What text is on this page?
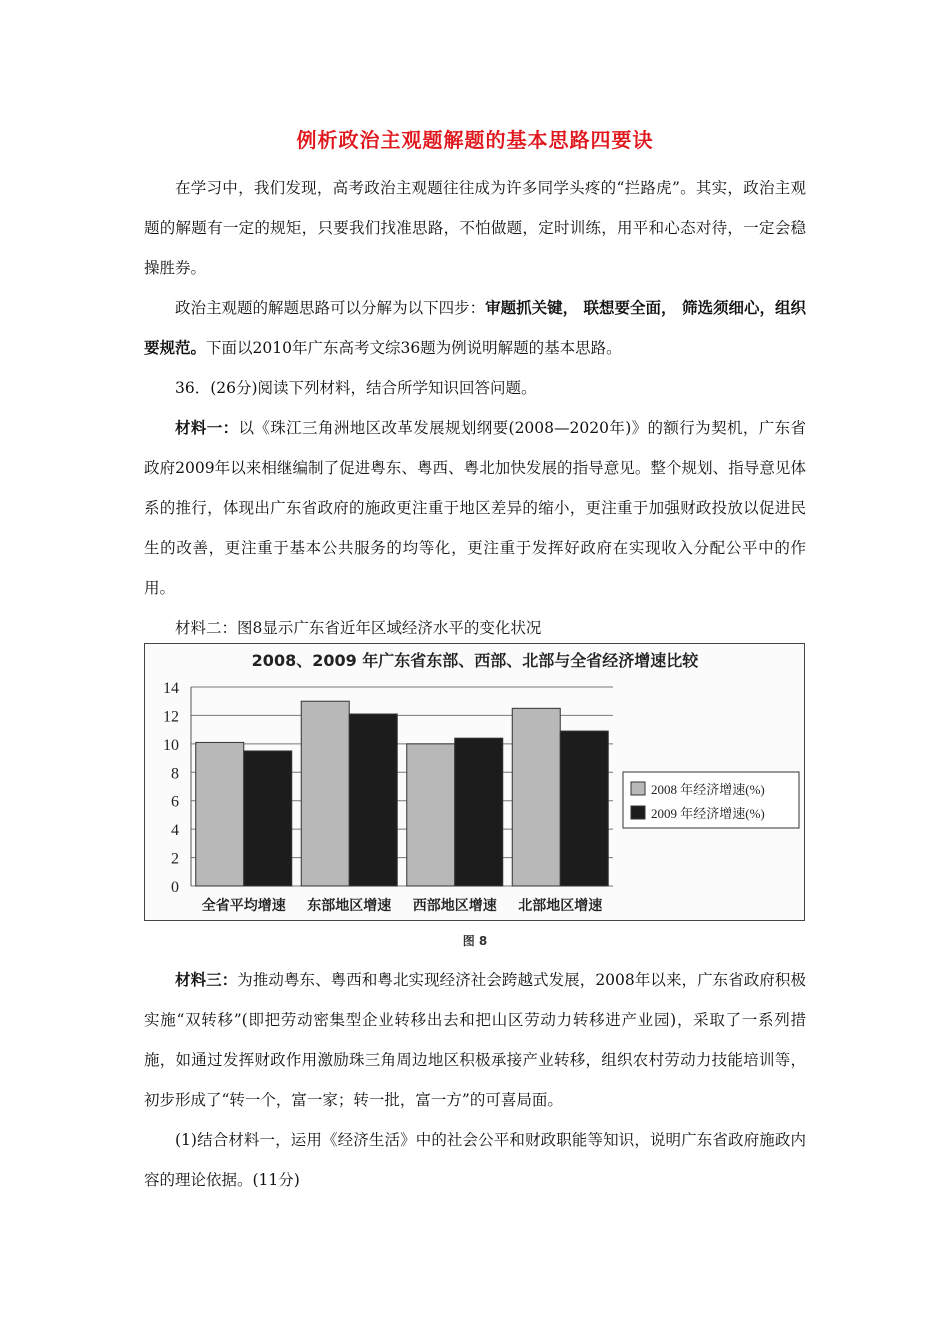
例析政治主观题解题的基本思路四要诀

在学习中，我们发现，高考政治主观题往往成为许多同学头疼的“拦路虎”。其实，政治主观题的解题有一定的规矩，只要我们找准思路，不怕做题，定时训练，用平和心态对待，一定会稳操胜券。

政治主观题的解题思路可以分解为以下四步：审题抓关键， 联想要全面， 筛选须细心，组织要规范。下面以2010年广东高考文综36题为例说明解题的基本思路。

36．(26分)阅读下列材料，结合所学知识回答问题。

材料一：以《珠江三角洲地区改革发展规划纲要(2008—2020年)》的额行为契机，广东省政府2009年以来相继编制了促进粤东、粤西、粤北加快发展的指导意见。整个规划、指导意见体系的推行，体现出广东省政府的施政更注重于地区差异的缩小，更注重于加强财政投放以促进民生的改善，更注重于基本公共服务的均等化，更注重于发挥好政府在实现收入分配公平中的作用。

材料二：图8显示广东省近年区域经济水平的变化状况

2008、2009 年广东省东部、西部、北部与全省经济增速比较
0
2
4
6
8
10
12
14
全省平均增速 东部地区增速 西部地区增速 北部地区增速
2008 年经济增速(%)
2009 年经济增速(%)
图 8

材料三：为推动粤东、粤西和粤北实现经济社会跨越式发展，2008年以来，广东省政府积极实施“双转移”(即把劳动密集型企业转移出去和把山区劳动力转移进产业园)，采取了一系列措施，如通过发挥财政作用激励珠三角周边地区积极承接产业转移，组织农村劳动力技能培训等，初步形成了“转一个，富一家；转一批，富一方”的可喜局面。

(1)结合材料一，运用《经济生活》中的社会公平和财政职能等知识，说明广东省政府施政内容的理论依据。(11分)
